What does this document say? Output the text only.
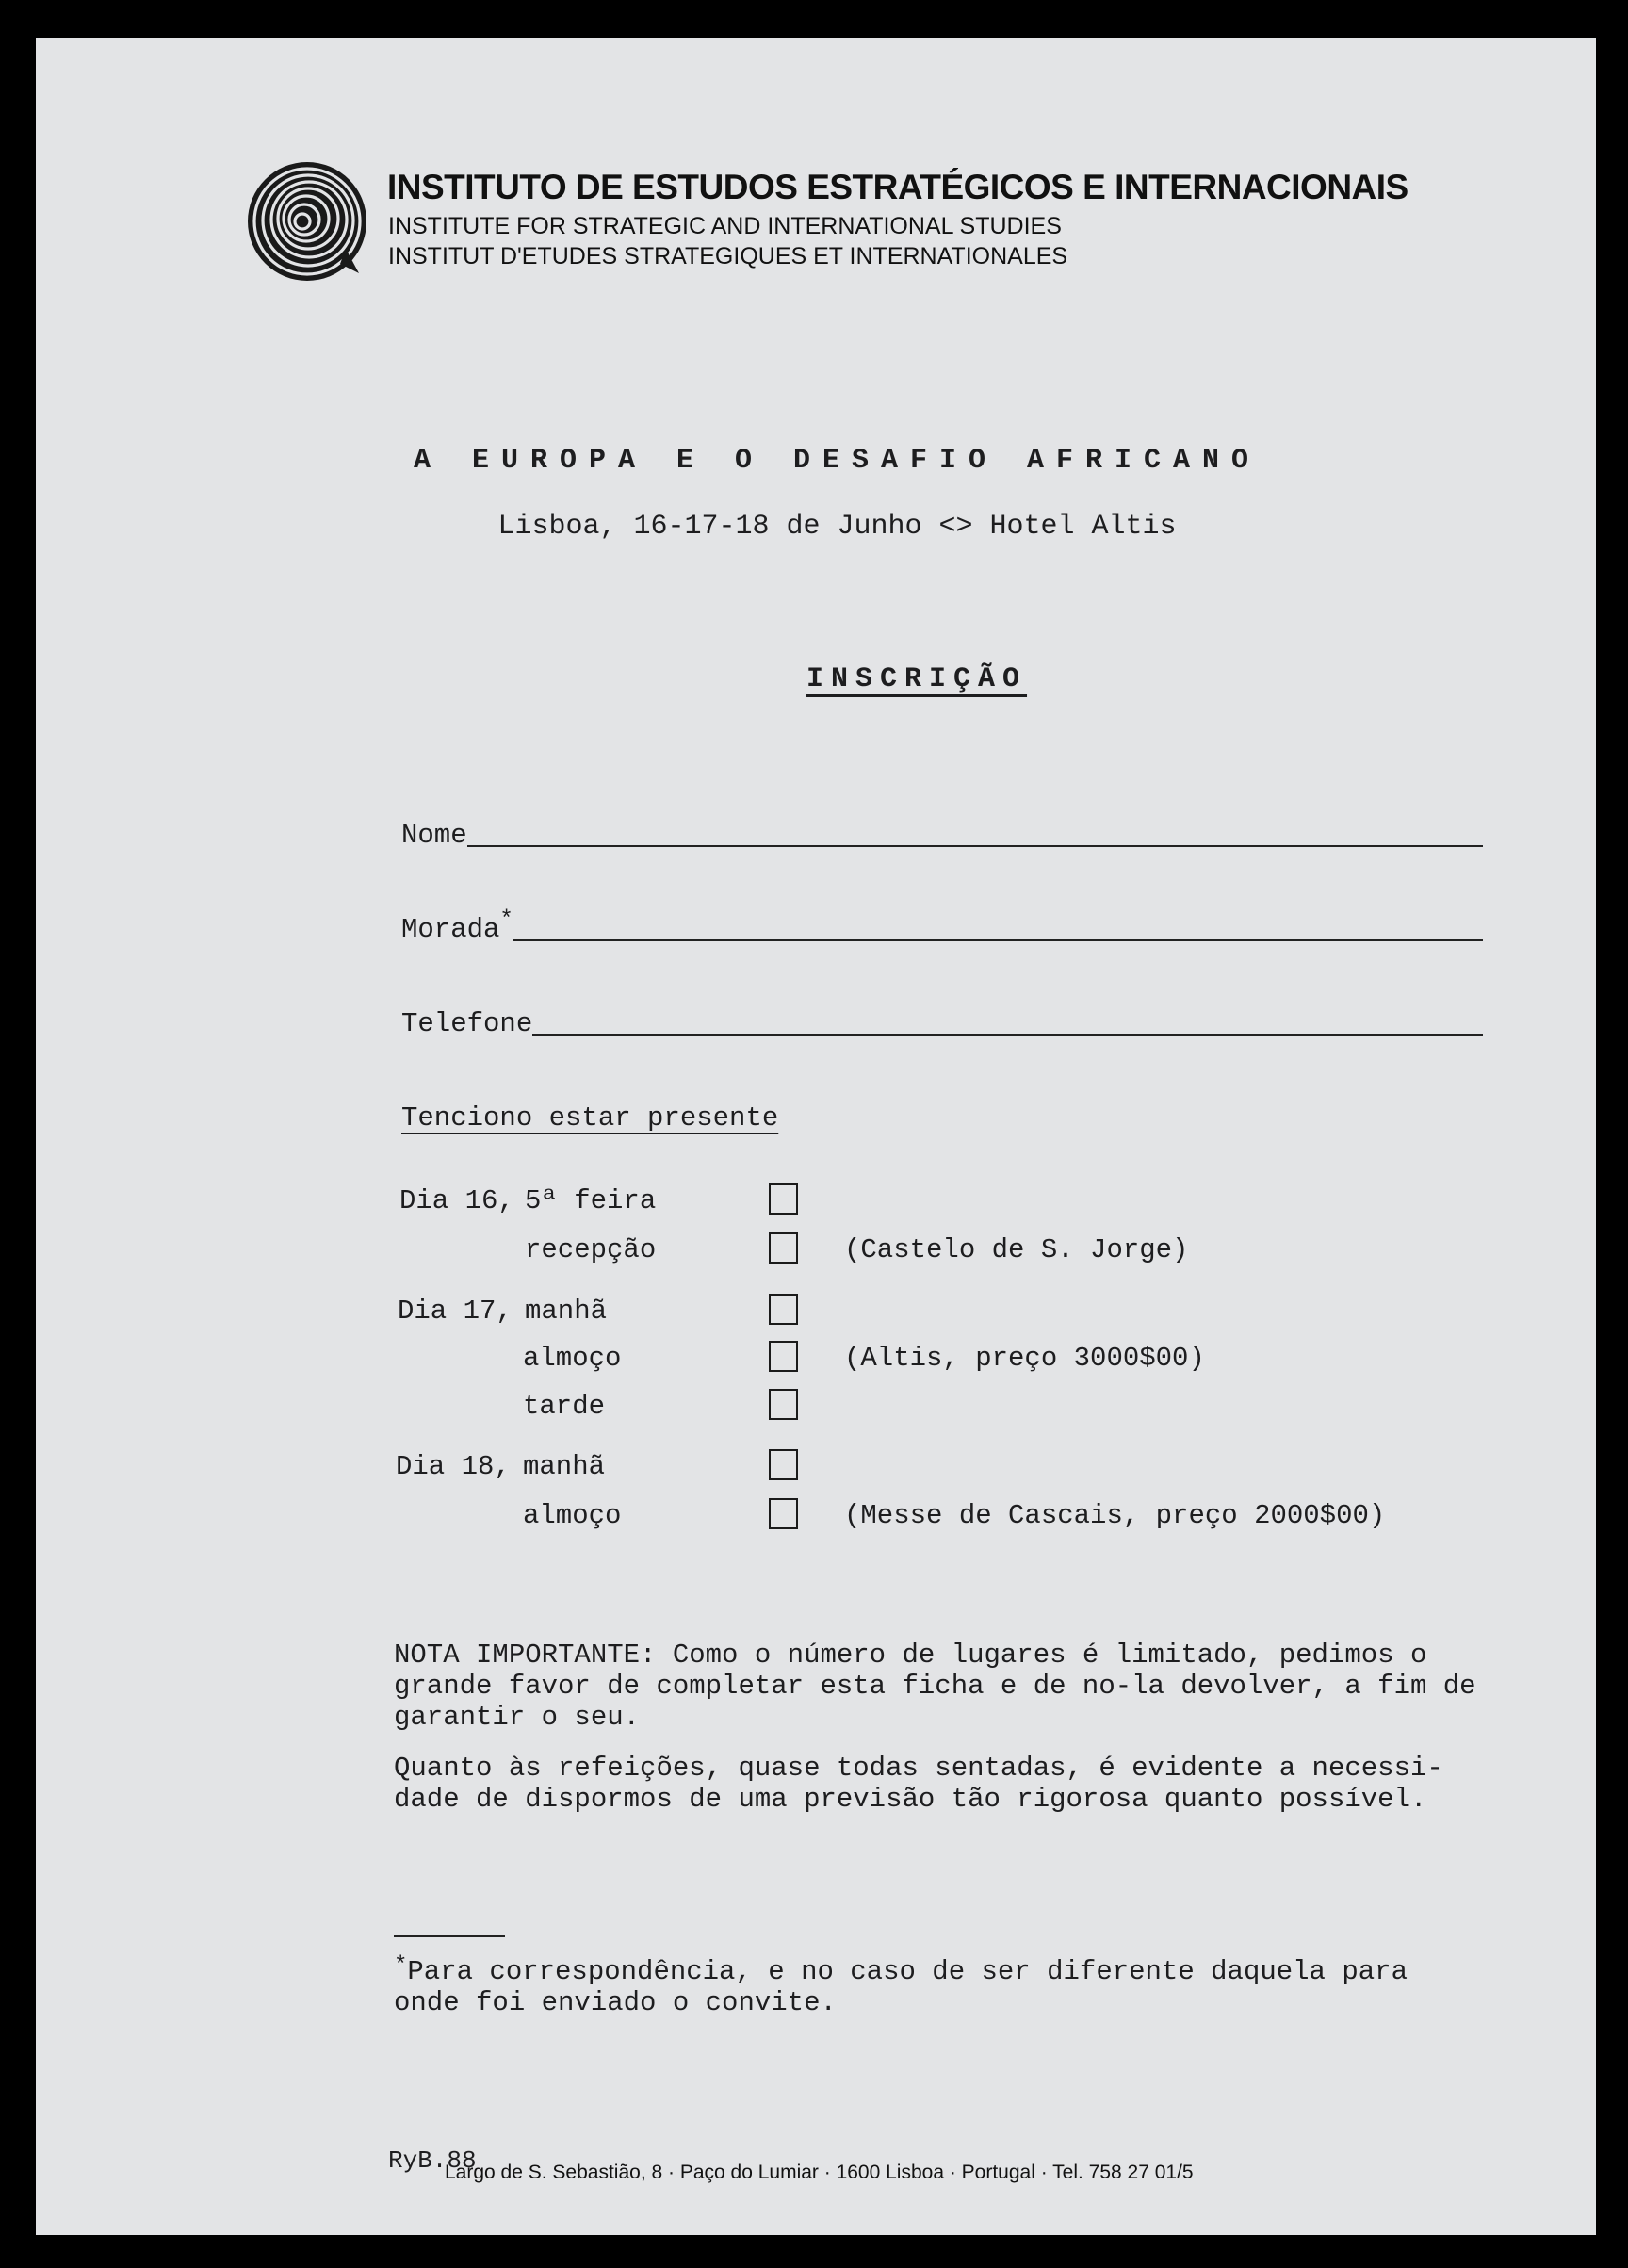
INSTITUTO DE ESTUDOS ESTRATÉGICOS E INTERNACIONAIS
INSTITUTE FOR STRATEGIC AND INTERNATIONAL STUDIES
INSTITUT D'ETUDES STRATEGIQUES ET INTERNATIONALES
A EUROPA E O DESAFIO AFRICANO
Lisboa, 16-17-18 de Junho <> Hotel Altis
INSCRIÇÃO
Nome
Morada*
Telefone
Tenciono estar presente
Dia 16, 5ª feira
recepção	(Castelo de S. Jorge)
Dia 17, manhã
almoço	(Altis, preço 3000$00)
tarde
Dia 18, manhã
almoço	(Messe de Cascais, preço 2000$00)
NOTA IMPORTANTE: Como o número de lugares é limitado, pedimos o
grande favor de completar esta ficha e de no-la devolver, a fim de
garantir o seu.
Quanto às refeições, quase todas sentadas, é evidente a necessi-
dade de dispormos de uma previsão tão rigorosa quanto possível.
*Para correspondência, e no caso de ser diferente daquela para
onde foi enviado o convite.
RyB.88
Largo de S. Sebastião, 8 · Paço do Lumiar · 1600 Lisboa · Portugal · Tel. 758 27 01/5
